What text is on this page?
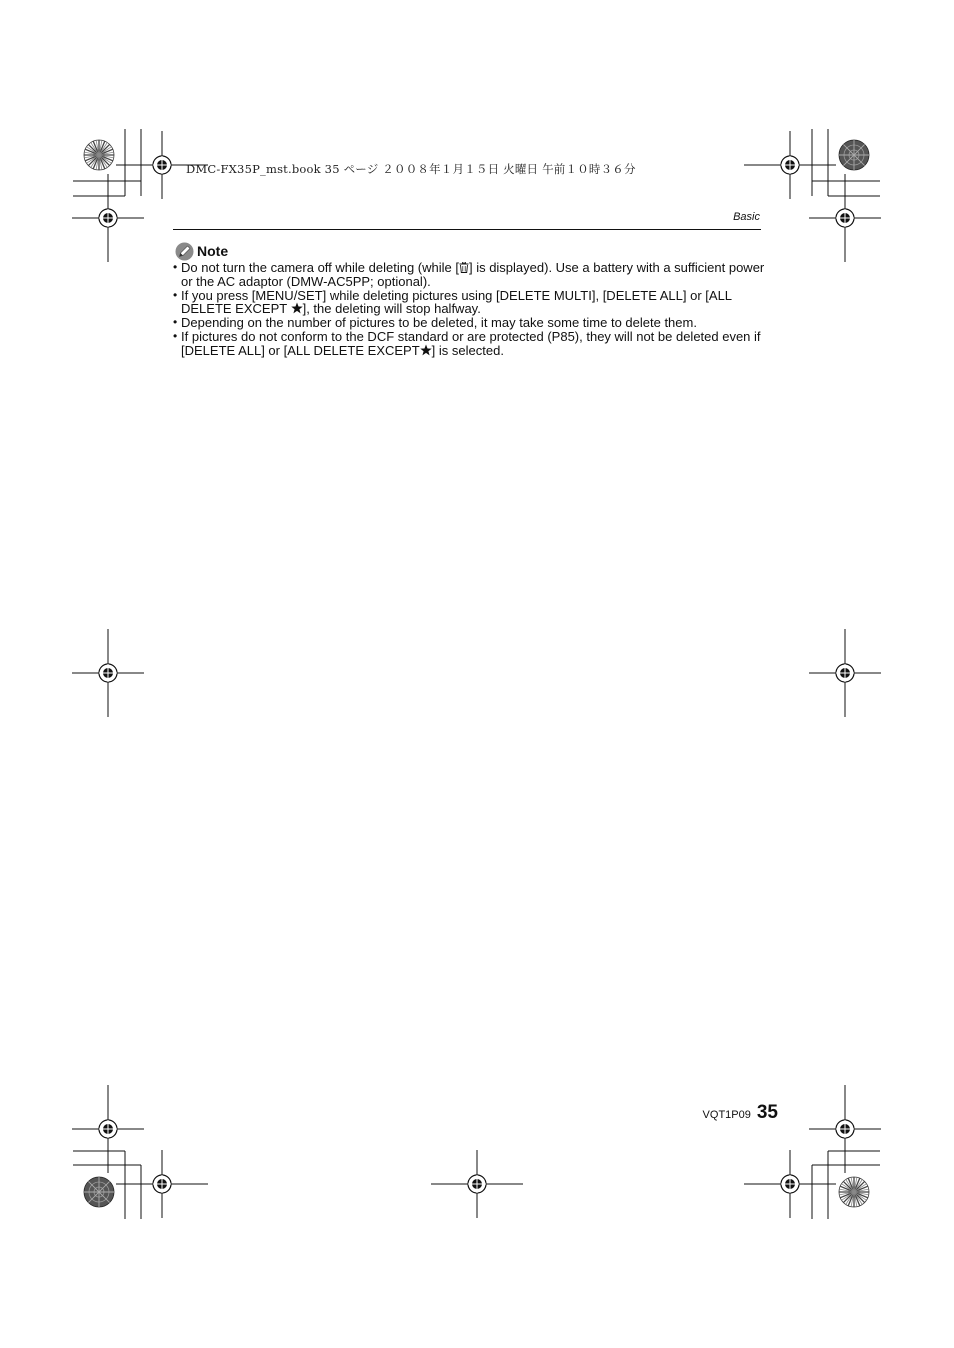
DMC-FX35P_mst.book 35 ページ ２００８年１月１５日 火曜日 午前１０時３６分
Basic
Note
• Do not turn the camera off while deleting (while [ ] is displayed). Use a battery with a sufficient power or the AC adaptor (DMW-AC5PP; optional).
• If you press [MENU/SET] while deleting pictures using [DELETE MULTI], [DELETE ALL] or [ALL DELETE EXCEPT ], the deleting will stop halfway.
• Depending on the number of pictures to be deleted, it may take some time to delete them.
• If pictures do not conform to the DCF standard or are protected (P85), they will not be deleted even if [DELETE ALL] or [ALL DELETE EXCEPT ] is selected.
VQT1P09 35
